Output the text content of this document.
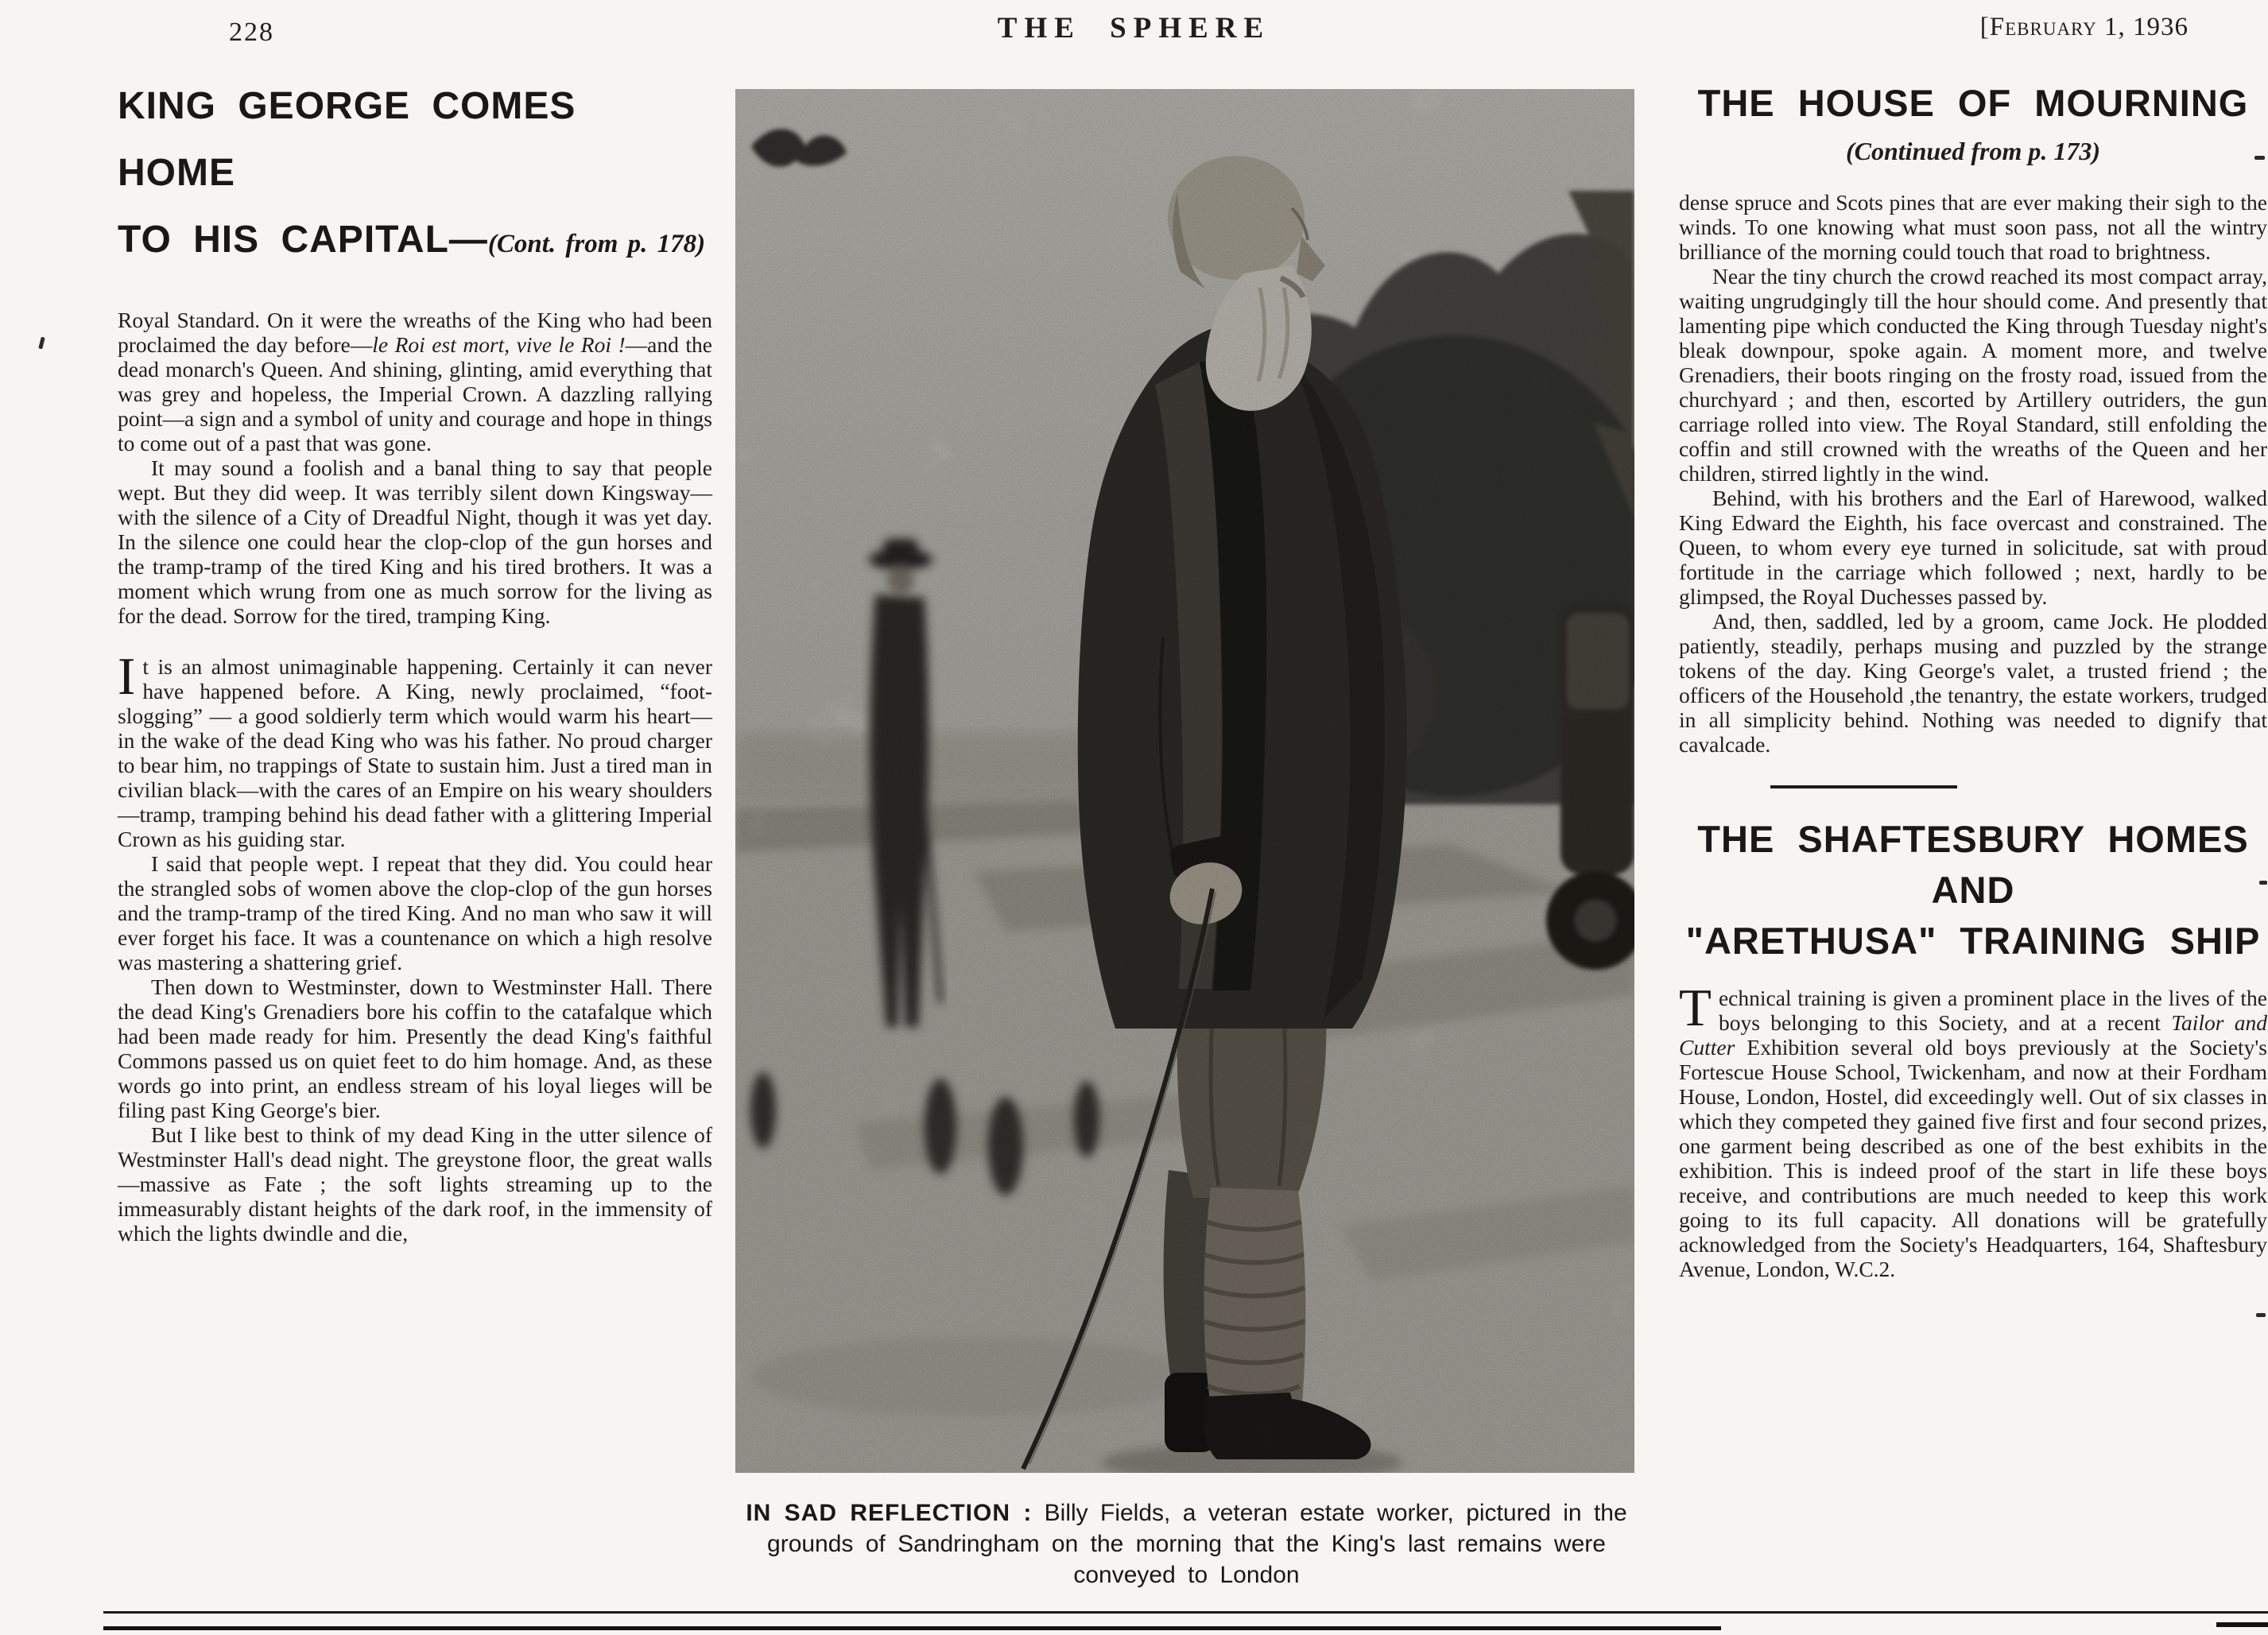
228	THE SPHERE	[February 1, 1936
KING GEORGE COMES HOME
TO HIS CAPITAL—(Cont. from p. 178)

Royal Standard. On it were the wreaths of the King who had been proclaimed the day before—le Roi est mort, vive le Roi !—and the dead monarch's Queen. And shining, glinting, amid everything that was grey and hopeless, the Imperial Crown. A dazzling rallying point—a sign and a symbol of unity and courage and hope in things to come out of a past that was gone.

It may sound a foolish and a banal thing to say that people wept. But they did weep. It was terribly silent down Kingsway—with the silence of a City of Dreadful Night, though it was yet day. In the silence one could hear the clop-clop of the gun horses and the tramp-tramp of the tired King and his tired brothers. It was a moment which wrung from one as much sorrow for the living as for the dead. Sorrow for the tired, tramping King.

It is an almost unimaginable happening. Certainly it can never have happened before. A King, newly proclaimed, “foot-slogging” — a good soldierly term which would warm his heart—in the wake of the dead King who was his father. No proud charger to bear him, no trappings of State to sustain him. Just a tired man in civilian black—with the cares of an Empire on his weary shoulders—tramp, tramping behind his dead father with a glittering Imperial Crown as his guiding star.

I said that people wept. I repeat that they did. You could hear the strangled sobs of women above the clop-clop of the gun horses and the tramp-tramp of the tired King. And no man who saw it will ever forget his face. It was a countenance on which a high resolve was mastering a shattering grief.

Then down to Westminster, down to Westminster Hall. There the dead King's Grenadiers bore his coffin to the catafalque which had been made ready for him. Presently the dead King's faithful Commons passed us on quiet feet to do him homage. And, as these words go into print, an endless stream of his loyal lieges will be filing past King George's bier.

But I like best to think of my dead King in the utter silence of Westminster Hall's dead night. The greystone floor, the great walls —massive as Fate ; the soft lights streaming up to the immeasurably distant heights of the dark roof, in the immensity of which the lights dwindle and die,

IN SAD REFLECTION : Billy Fields, a veteran estate worker, pictured in the grounds of Sandringham on the morning that the King's last remains were conveyed to London
THE HOUSE OF MOURNING
(Continued from p. 173)

dense spruce and Scots pines that are ever making their sigh to the winds. To one knowing what must soon pass, not all the wintry brilliance of the morning could touch that road to brightness.

Near the tiny church the crowd reached its most compact array, waiting ungrudgingly till the hour should come. And presently that lamenting pipe which conducted the King through Tuesday night's bleak downpour, spoke again. A moment more, and twelve Grenadiers, their boots ringing on the frosty road, issued from the churchyard ; and then, escorted by Artillery outriders, the gun carriage rolled into view. The Royal Standard, still enfolding the coffin and still crowned with the wreaths of the Queen and her children, stirred lightly in the wind.

Behind, with his brothers and the Earl of Harewood, walked King Edward the Eighth, his face overcast and constrained. The Queen, to whom every eye turned in solicitude, sat with proud fortitude in the carriage which followed ; next, hardly to be glimpsed, the Royal Duchesses passed by.

And, then, saddled, led by a groom, came Jock. He plodded patiently, steadily, perhaps musing and puzzled by the strange tokens of the day. King George's valet, a trusted friend ; the officers of the Household ,the tenantry, the estate workers, trudged in all simplicity behind. Nothing was needed to dignify that cavalcade.

THE SHAFTESBURY HOMES AND
"ARETHUSA" TRAINING SHIP

Technical training is given a prominent place in the lives of the boys belonging to this Society, and at a recent Tailor and Cutter Exhibition several old boys previously at the Society's Fortescue House School, Twickenham, and now at their Fordham House, London, Hostel, did exceedingly well. Out of six classes in which they competed they gained five first and four second prizes, one garment being described as one of the best exhibits in the exhibition. This is indeed proof of the start in life these boys receive, and contributions are much needed to keep this work going to its full capacity. All donations will be gratefully acknowledged from the Society's Headquarters, 164, Shaftesbury Avenue, London, W.C.2.
